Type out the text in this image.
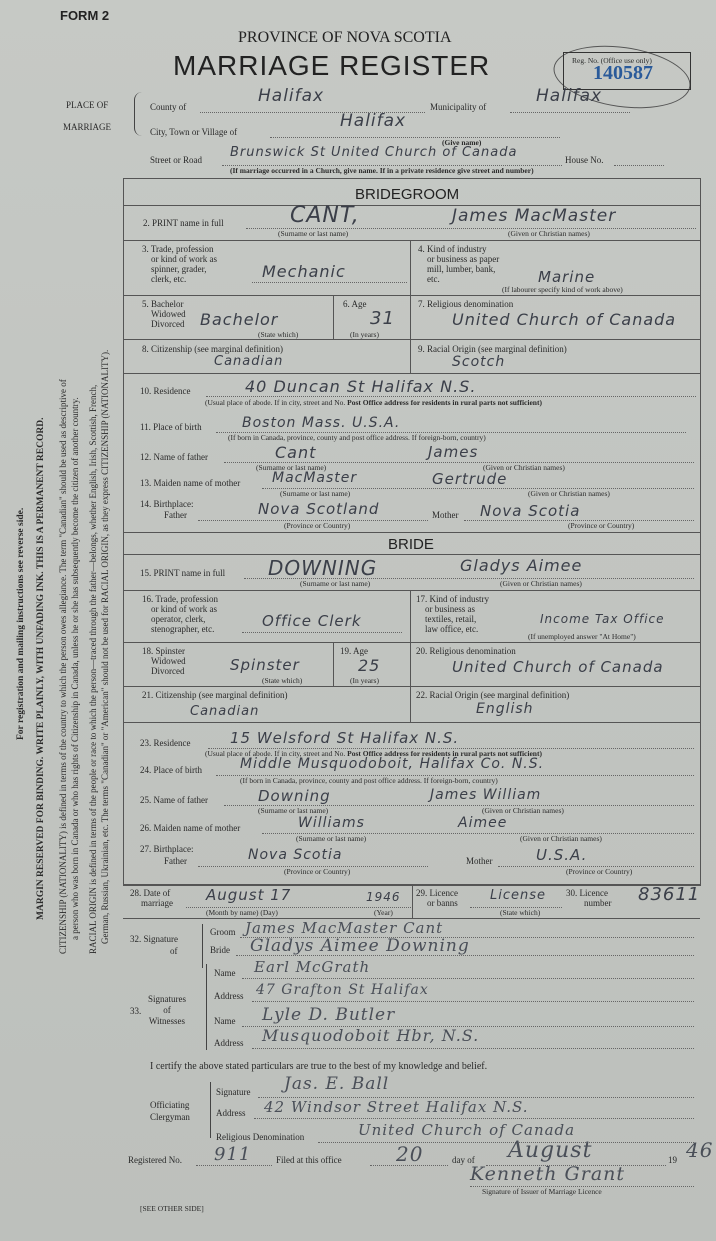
FORM 2
PROVINCE OF NOVA SCOTIA
MARRIAGE REGISTER	Reg. No. (Office use only)
140587
PLACE OF
MARRIAGE
County of
Halifax
Municipality of
Halifax
City, Town or Village of
Halifax
(Give name)
Street or Road Brunswick St United Church of Canada	House No.
(If marriage occurred in a Church, give name. If in a private residence give street and number)
BRIDEGROOM
2. PRINT name in full	CANT,	James MacMaster
(Surname or last name)	(Given or Christian names)
3. Trade, profession
or kind of work as
spinner, grader,
clerk, etc.	Mechanic
4. Kind of industry
or business as paper
mill, lumber, bank,
etc.	Marine
(If labourer specify kind of work above)
5. Bachelor
Widowed
Divorced Bachelor
(State which)
6. Age
31
(In years)
7. Religious denomination
United Church of Canada
8. Citizenship (see marginal definition)
Canadian
9. Racial Origin (see marginal definition)
Scotch
10. Residence	40 Duncan St Halifax N.S.
(Usual place of abode. If in city, street and No. Post Office address for residents in rural parts not sufficient)
11. Place of birth	Boston Mass. U.S.A.
(If born in Canada, province, county and post office address. If foreign-born, country)
12. Name of father	Cant	James
(Surname or last name)	(Given or Christian names)
13. Maiden name of mother MacMaster	Gertrude
(Surname or last name)	(Given or Christian names)
14. Birthplace:
Father	Nova Scotland	Mother Nova Scotia
(Province or Country)	(Province or Country)
BRIDE
15. PRINT name in full DOWNING	Gladys Aimee
(Surname or last name)	(Given or Christian names)
16. Trade, profession
or kind of work as
operator, clerk,
stenographer, etc.	Office Clerk
17. Kind of industry
or business as
textiles, retail,
law office, etc.
Income Tax Office
(If unemployed answer "At Home")
18. Spinster
Widowed
Divorced	Spinster
(State which)
19. Age
25
(In years)
20. Religious denomination
United Church of Canada
21. Citizenship (see marginal definition)
Canadian
22. Racial Origin (see marginal definition)
English
23. Residence	15 Welsford St Halifax N.S.
(Usual place of abode. If in city, street and No. Post Office address for residents in rural parts not sufficient)
24. Place of birth	Middle Musquodoboit, Halifax Co. N.S.
(If born in Canada, province, county and post office address. If foreign-born, country)
25. Name of father	Downing	James William
(Surname or last name)	(Given or Christian names)
26. Maiden name of mother	Williams	Aimee
(Surname or last name)	(Given or Christian names)
27. Birthplace:
Father	Nova Scotia	Mother	U.S.A.
(Province or Country)	(Province or Country)
28. Date of
marriage August 17	1946
(Month by name) (Day)	(Year)
29. Licence
or banns License
(State which)
30. Licence
number 83611
32. Signature
of
Groom James MacMaster Cant
Bride Gladys Aimee Downing
Signatures
of
Witnesses
33.
Name Earl McGrath
Address 47 Grafton St Halifax
Name Lyle D. Butler
Address Musquodoboit Hbr, N.S.
I certify the above stated particulars are true to the best of my knowledge and belief.
Officiating
Clergyman
Signature Jas. E. Ball
Address 42 Windsor Street Halifax N.S.
Religious Denomination	United Church of Canada
Registered No. 911	Filed at this office	20	day of August	19 46
Kenneth Grant
Signature of Issuer of Marriage Licence
[SEE OTHER SIDE]
MARGIN RESERVED FOR BINDING. WRITE PLAINLY, WITH UNFADING INK. THIS IS A PERMANENT RECORD.
For registration and mailing instructions see reverse side.	CITIZENSHIP (NATIONALITY) is defined in terms of the country to which the person owes allegiance. The term "Canadian" should be used as descriptive of a person who was born in Canada or who has rights of Citizenship in Canada, unless he or she has subsequently become the citizen of another country. RACIAL ORIGIN is defined in terms of the people or race to which the person—traced through the father—belongs, whether English, Irish, Scottish, French, German, Russian, Ukrainian, etc. The terms "Canadian" or "American" should not be used for RACIAL ORIGIN, as they express CITIZENSHIP (NATIONALITY).
